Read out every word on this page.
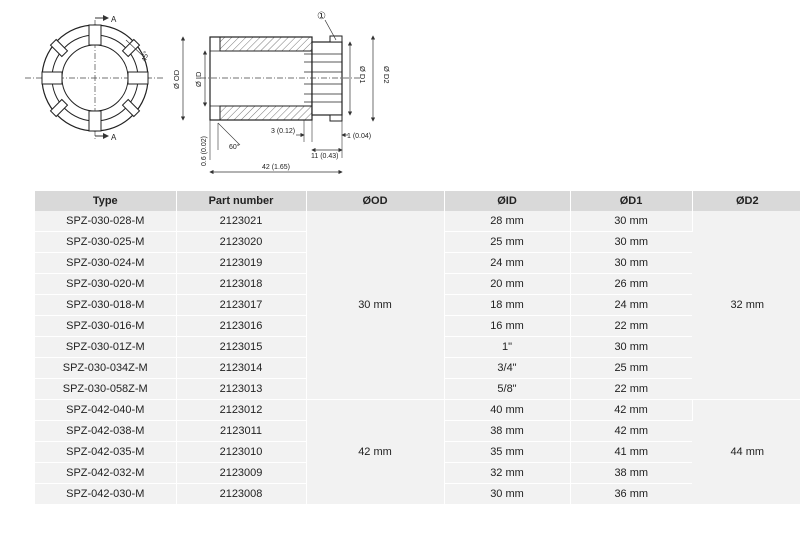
A
A
45°
①
Ø OD Ø ID	Ø D1 Ø D2
0.6 (0.02)	60°
3 (0.12)
1 (0.04)
11 (0.43)
42 (1.65)
Type	Part number	ØOD	ØID	ØD1	ØD2
SPZ-030-028-M	2123021	30 mm	28 mm	30 mm	32 mm
SPZ-030-025-M	2123020		25 mm	30 mm	
SPZ-030-024-M	2123019		24 mm	30 mm	
SPZ-030-020-M	2123018		20 mm	26 mm	
SPZ-030-018-M	2123017		18 mm	24 mm	
SPZ-030-016-M	2123016		16 mm	22 mm	
SPZ-030-01Z-M	2123015		1"	30 mm	
SPZ-030-034Z-M	2123014		3/4"	25 mm	
SPZ-030-058Z-M	2123013		5/8"	22 mm	
SPZ-042-040-M	2123012	42 mm	40 mm	42 mm	44 mm
SPZ-042-038-M	2123011		38 mm	42 mm	
SPZ-042-035-M	2123010		35 mm	41 mm	
SPZ-042-032-M	2123009		32 mm	38 mm	
SPZ-042-030-M	2123008		30 mm	36 mm	
